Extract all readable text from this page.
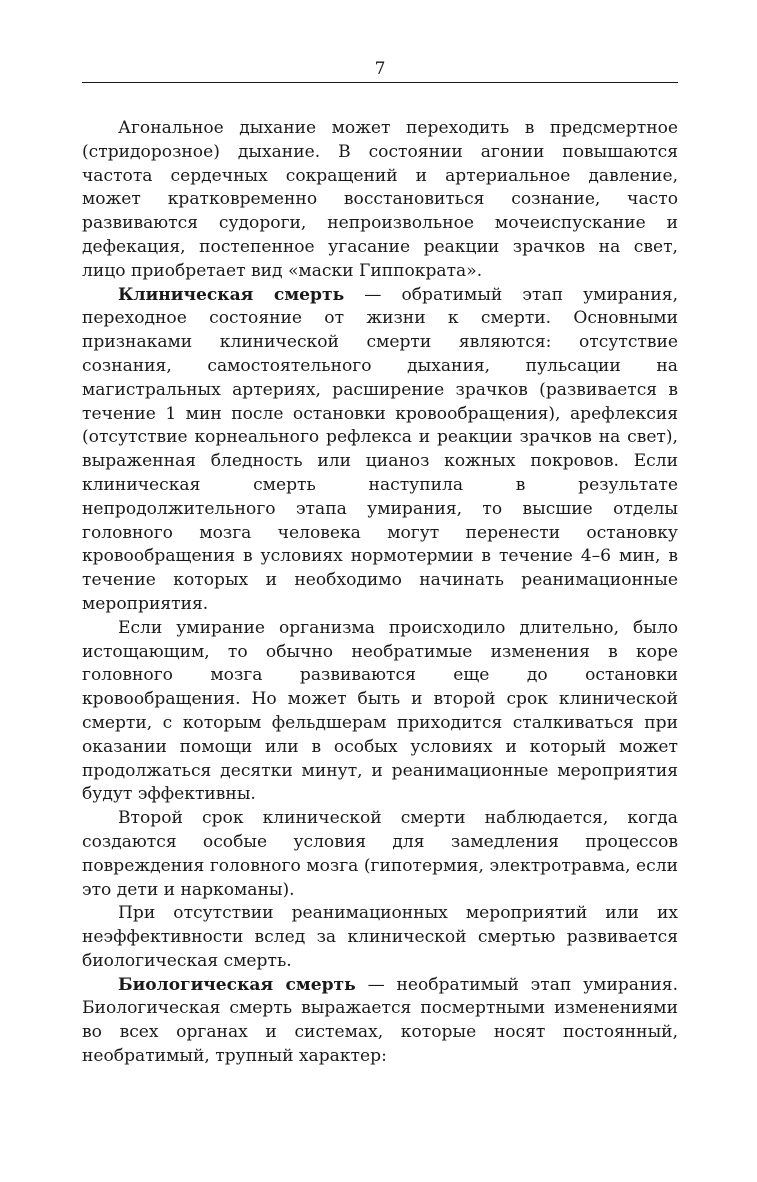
7

Агональное дыхание может переходить в предсмертное (стридорозное) дыхание. В состоянии агонии повышаются частота сердечных сокращений и артериальное давление, может кратковременно восстановиться сознание, часто развиваются судороги, непроизвольное мочеиспускание и дефекация, постепенное угасание реакции зрачков на свет, лицо приобретает вид «маски Гиппократа».

Клиническая смерть — обратимый этап умирания, переходное состояние от жизни к смерти. Основными признаками клинической смерти являются: отсутствие сознания, самостоятельного дыхания, пульсации на магистральных артериях, расширение зрачков (развивается в течение 1 мин после остановки кровообращения), арефлексия (отсутствие корнеального рефлекса и реакции зрачков на свет), выраженная бледность или цианоз кожных покровов. Если клиническая смерть наступила в результате непродолжительного этапа умирания, то высшие отделы головного мозга человека могут перенести остановку кровообращения в условиях нормотермии в течение 4–6 мин, в течение которых и необходимо начинать реанимационные мероприятия.

Если умирание организма происходило длительно, было истощающим, то обычно необратимые изменения в коре головного мозга развиваются еще до остановки кровообращения. Но может быть и второй срок клинической смерти, с которым фельдшерам приходится сталкиваться при оказании помощи или в особых условиях и который может продолжаться десятки минут, и реанимационные мероприятия будут эффективны.

Второй срок клинической смерти наблюдается, когда создаются особые условия для замедления процессов повреждения головного мозга (гипотермия, электротравма, если это дети и наркоманы).

При отсутствии реанимационных мероприятий или их неэффективности вслед за клинической смертью развивается биологическая смерть.

Биологическая смерть — необратимый этап умирания. Биологическая смерть выражается посмертными изменениями во всех органах и системах, которые носят постоянный, необратимый, трупный характер:
